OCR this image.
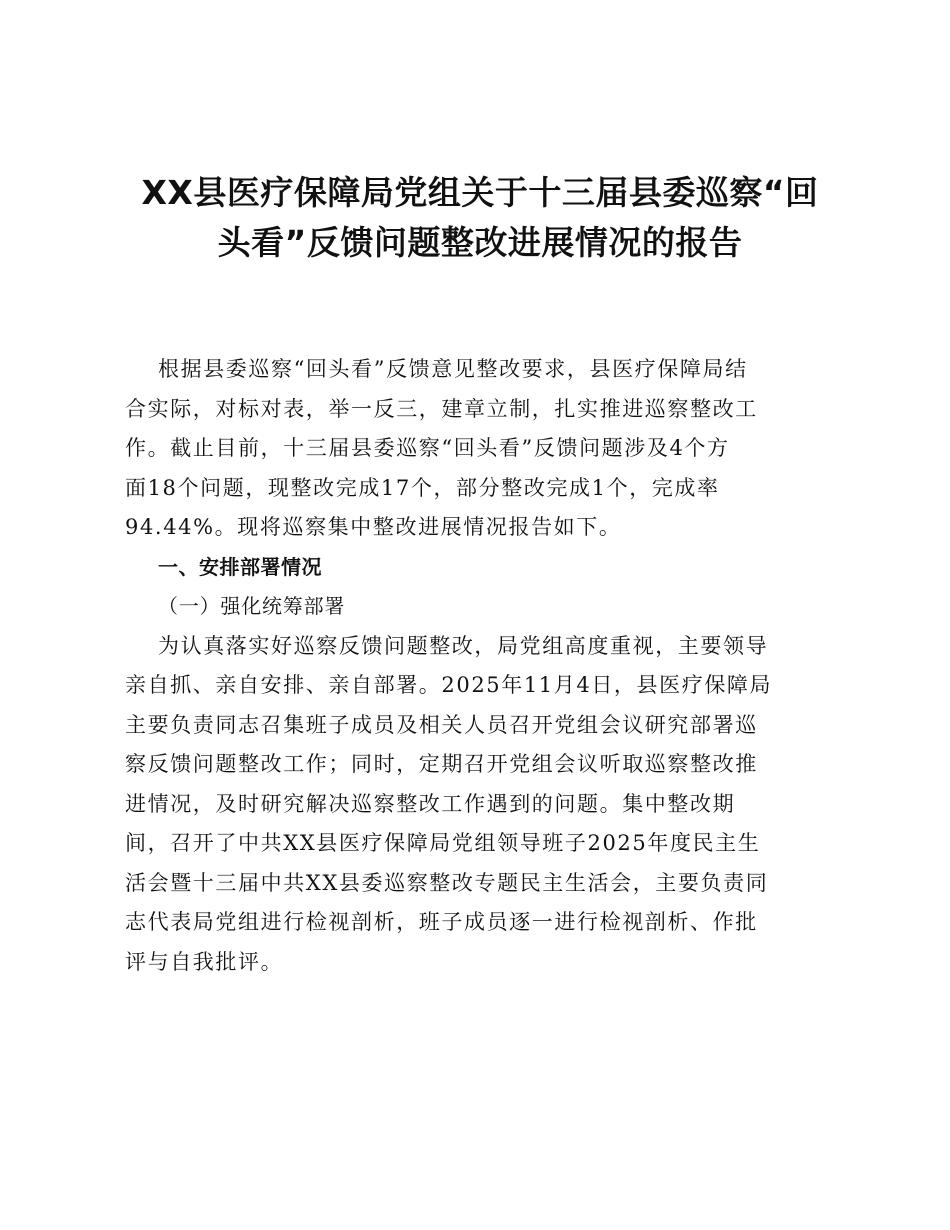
XX县医疗保障局党组关于十三届县委巡察“回
头看”反馈问题整改进展情况的报告
根据县委巡察“回头看”反馈意见整改要求，县医疗保障局结
合实际，对标对表，举一反三，建章立制，扎实推进巡察整改工
作。截止目前，十三届县委巡察“回头看”反馈问题涉及4个方
面18个问题，现整改完成17个，部分整改完成1个，完成率
94.44%。现将巡察集中整改进展情况报告如下。
一、安排部署情况
（一）强化统筹部署
为认真落实好巡察反馈问题整改，局党组高度重视，主要领导
亲自抓、亲自安排、亲自部署。2025年11月4日，县医疗保障局
主要负责同志召集班子成员及相关人员召开党组会议研究部署巡
察反馈问题整改工作；同时，定期召开党组会议听取巡察整改推
进情况，及时研究解决巡察整改工作遇到的问题。集中整改期
间，召开了中共XX县医疗保障局党组领导班子2025年度民主生
活会暨十三届中共XX县委巡察整改专题民主生活会，主要负责同
志代表局党组进行检视剖析，班子成员逐一进行检视剖析、作批
评与自我批评。
